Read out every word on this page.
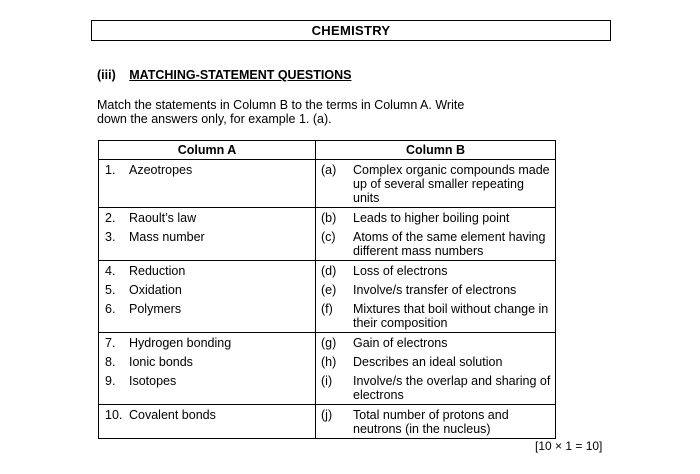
CHEMISTRY
(iii) MATCHING-STATEMENT QUESTIONS
Match the statements in Column B to the terms in Column A. Write
down the answers only, for example 1. (a).
Column A	Column B

1. Azeotropes	(a) Complex organic compounds made up of several smaller repeating units

2. Raoult’s law	(b) Leads to higher boiling point

3. Mass number	(c) Atoms of the same element having different mass numbers

4. Reduction	(d) Loss of electrons

5. Oxidation	(e) Involve/s transfer of electrons

6. Polymers	(f) Mixtures that boil without change in their composition

7. Hydrogen bonding	(g) Gain of electrons

8. Ionic bonds	(h) Describes an ideal solution

9. Isotopes	(i) Involve/s the overlap and sharing of electrons

10. Covalent bonds	(j) Total number of protons and neutrons (in the nucleus)
[10 × 1 = 10]
